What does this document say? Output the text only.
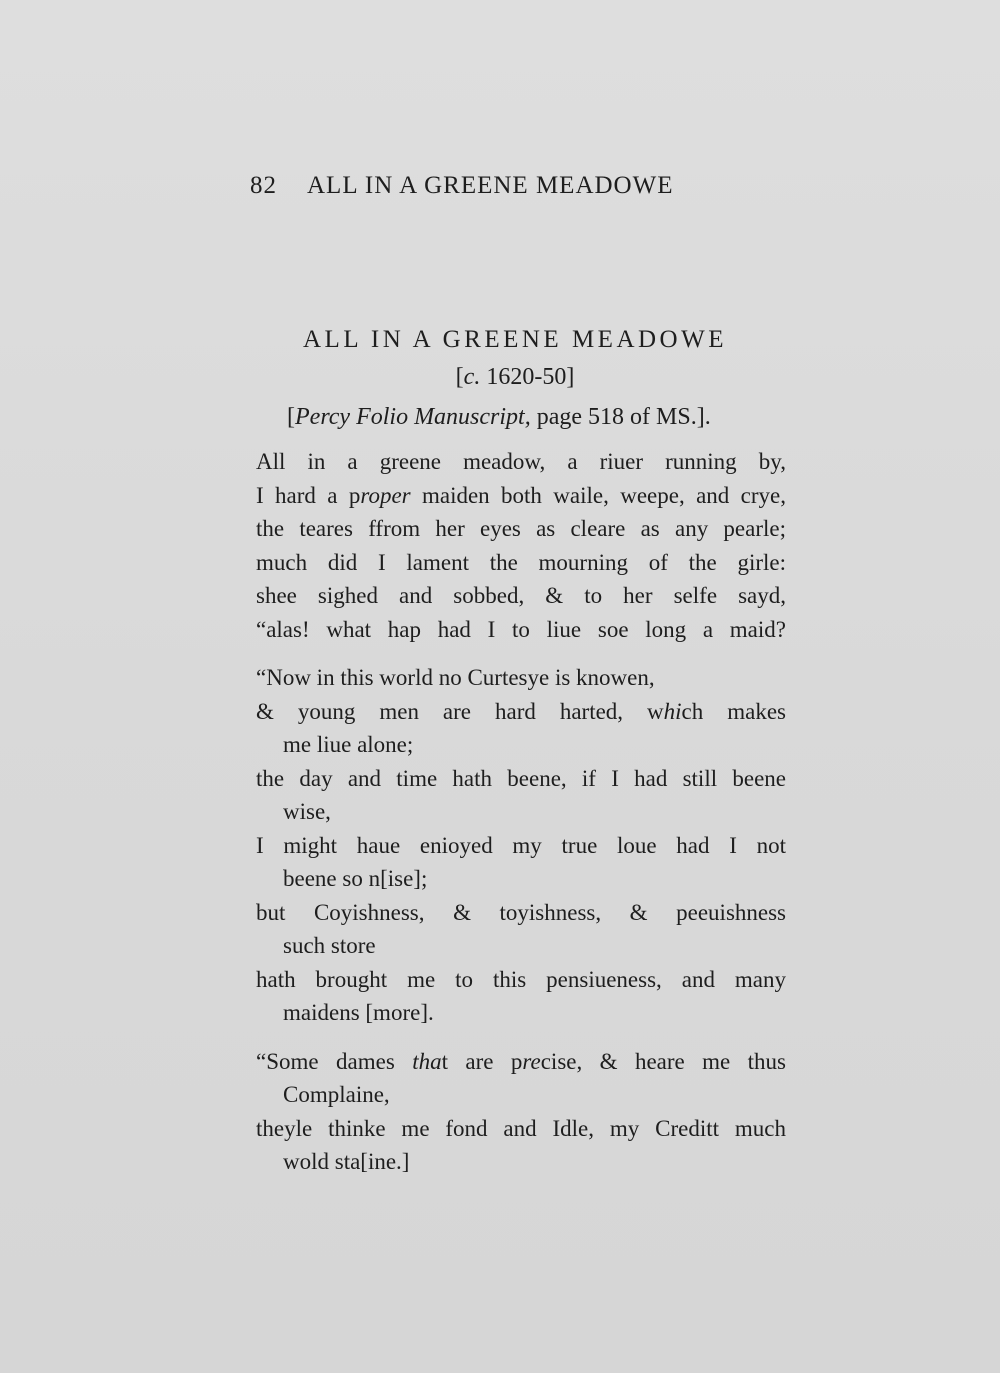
82 ALL IN A GREENE MEADOWE
ALL IN A GREENE MEADOWE
[c. 1620-50]
[Percy Folio Manuscript, page 518 of MS.].
All in a greene meadow, a riuer running by,
I hard a proper maiden both waile, weepe, and crye,
the teares ffrom her eyes as cleare as any pearle;
much did I lament the mourning of the girle:
shee sighed and sobbed, & to her selfe sayd,
“alas! what hap had I to liue soe long a maid?
“Now in this world no Curtesye is knowen,
& young men are hard harted, which makes
me liue alone;
the day and time hath beene, if I had still beene
wise,
I might haue enioyed my true loue had I not
beene so n[ise];
but Coyishness, & toyishness, & peeuishness
such store
hath brought me to this pensiueness, and many
maidens [more].
“Some dames that are precise, & heare me thus
Complaine,
theyle thinke me fond and Idle, my Creditt much
wold sta[ine.]
